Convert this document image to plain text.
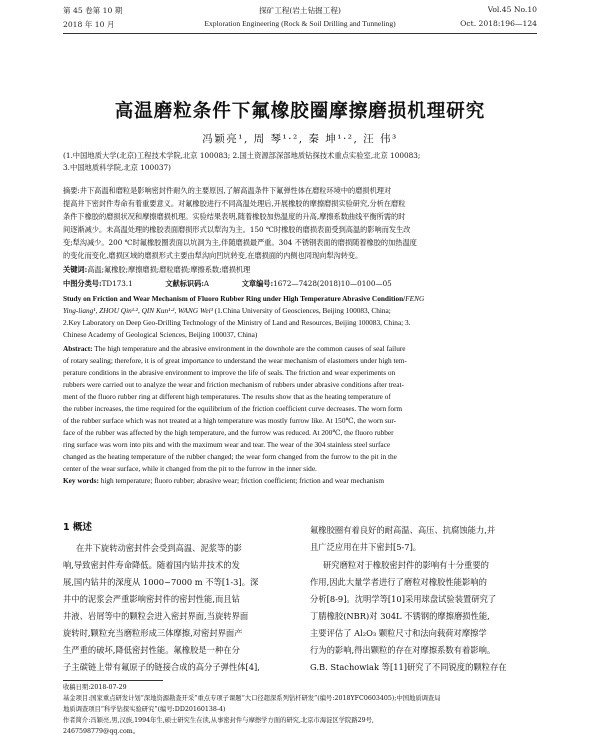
第 45 卷第 10 期
2018 年 10 月
探矿工程(岩土钻掘工程)
Exploration Engineering (Rock & Soil Drilling and Tunneling)
Vol.45 No.10
Oct. 2018:196—124
高温磨粒条件下氟橡胶圈摩擦磨损机理研究
冯颖亮¹, 周 琴¹·², 秦 坤¹·², 汪 伟³
(1.中国地质大学(北京)工程技术学院,北京 100083; 2.国土资源部深部地质钻探技术重点实验室,北京 100083;
3.中国地质科学院,北京 100037)
摘要:井下高温和磨粒是影响密封件耐久的主要原因,了解高温条件下氟弹性体在磨粒环境中的磨损机理对
提高井下密封件寿命有着重要意义。对氟橡胶进行不同高温处理后,开展橡胶的摩擦磨损实验研究,分析在磨粒
条件下橡胶的磨损状况和摩擦磨损机理。实验结果表明,随着橡胶加热温度的升高,摩擦系数曲线平衡所需的时
间逐渐减少。未高温处理的橡胶表面磨损形式以犁沟为主。150 ℃时橡胶的磨损表面受到高温的影响而发生改
变;犁沟减少。200 ℃时氟橡胶圈表面以坑洞为主,伴随磨损最严重。304 不锈钢表面的磨损随着橡胶的加热温度
的变化而变化,磨损区域的磨损形式主要由犁沟向凹坑转变,在磨损面的内侧也同现向犁沟转变。
关键词:高温;氟橡胶;摩擦磨损;磨粒磨损;摩擦系数;磨损机理
中图分类号:TD173.1	文献标识码:A	文章编号:1672—7428(2018)10—0100—05
Study on Friction and Wear Mechanism of Fluoro Rubber Ring under High Temperature Abrasive Condition/FENG
Ying-liang¹, ZHOU Qin¹·², QIN Kun¹·², WANG Wei³ (1.China University of Geosciences, Beijing 100083, China;
2.Key Laboratory on Deep Geo-Drilling Technology of the Ministry of Land and Resources, Beijing 100083, China; 3.
Chinese Academy of Geological Sciences, Beijing 100037, China)
Abstract: The high temperature and the abrasive environment in the downhole are the common causes of seal failure
of rotary sealing; therefore, it is of great importance to understand the wear mechanism of elastomers under high tem-
perature conditions in the abrasive environment to improve the life of seals. The friction and wear experiments on
rubbers were carried out to analyze the wear and friction mechanism of rubbers under abrasive conditions after treat-
ment of the fluoro rubber ring at different high temperatures. The results show that as the heating temperature of
the rubber increases, the time required for the equilibrium of the friction coefficient curve decreases. The worn form
of the rubber surface which was not treated at a high temperature was mostly furrow like. At 150℃, the worn sur-
face of the rubber was affected by the high temperature, and the furrow was reduced. At 200℃, the fluoro rubber
ring surface was worn into pits and with the maximum wear and tear. The wear of the 304 stainless steel surface
changed as the heating temperature of the rubber changed; the wear form changed from the furrow to the pit in the
center of the wear surface, while it changed from the pit to the furrow in the inner side.
Key words: high temperature; fluoro rubber; abrasive wear; friction coefficient; friction and wear mechanism
1 概述
在井下旋转动密封件会受到高温、泥浆等的影
响,导致密封件寿命降低。随着国内钻井技术的发
展,国内钻井的深度从 1000~7000 m 不等[1-3]。深
井中的泥浆会严重影响密封件的密封性能,而且钻
井液、岩屑等中的颗粒会进入密封界面,当旋转界面
旋转时,颗粒充当磨粒形成三体摩擦,对密封界面产
生严重的破坏,降低密封性能。氟橡胶是一种在分
子主碳链上带有氟原子的链接合成的高分子弹性体[4],
氟橡胶圈有着良好的耐高温、高压、抗腐蚀能力,并
且广泛应用在井下密封[5-7]。
研究磨粒对于橡胶密封件的影响有十分重要的
作用,因此大量学者进行了磨粒对橡胶性能影响的
分析[8-9]。沈明学等[10]采用球盘试验装置研究了
丁腈橡胶(NBR)对 304L 不锈钢的摩擦磨损性能,
主要评估了 Al₂O₃ 颗粒尺寸和法向载荷对摩擦学
行为的影响,得出颗粒的存在对摩擦系数有着影响。
G.B. Stachowiak 等[11]研究了不同锐度的颗粒存在
收稿日期:2018-07-29
基金项目:国家重点研发计划“深地资源勘查开采”重点专项子课题“大口径超深系列钻杆研发”(编号:2018YFC0603405);中国地质调查局
地质调查项目“科学钻探实验研究”(编号:DD20160138-4)
作者简介:冯颖亮,男,汉族,1994年生,硕士研究生在读,从事密封件与摩擦学方面的研究,北京市海淀区学院路29号,
2467598779@qq.com。
